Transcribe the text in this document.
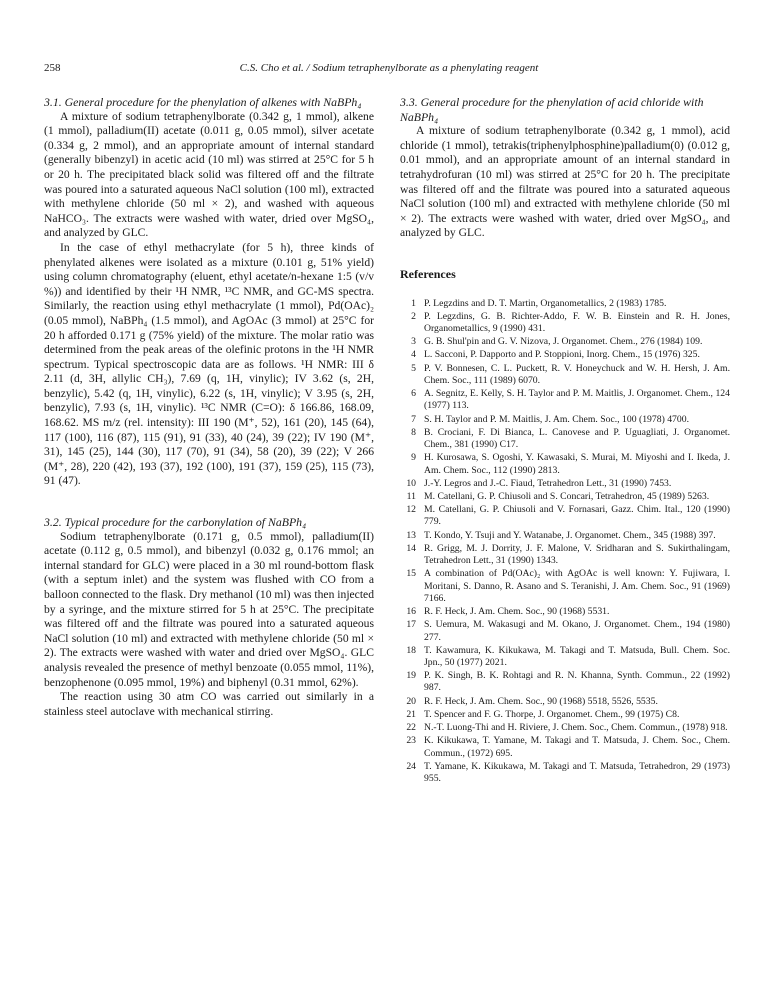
258	C.S. Cho et al. / Sodium tetraphenylborate as a phenylating reagent
3.1. General procedure for the phenylation of alkenes with NaBPh₄

A mixture of sodium tetraphenylborate (0.342 g, 1 mmol), alkene (1 mmol), palladium(II) acetate (0.011 g, 0.05 mmol), silver acetate (0.334 g, 2 mmol), and an appropriate amount of internal standard (generally bibenzyl) in acetic acid (10 ml) was stirred at 25°C for 5 h or 20 h. The precipitated black solid was filtered off and the filtrate was poured into a saturated aqueous NaCl solution (100 ml), extracted with methylene chloride (50 ml × 2), and washed with aqueous NaHCO₃. The extracts were washed with water, dried over MgSO₄, and analyzed by GLC.

In the case of ethyl methacrylate (for 5 h), three kinds of phenylated alkenes were isolated as a mixture (0.101 g, 51% yield) using column chromatography (eluent, ethyl acetate/n-hexane 1:5 (v/v %)) and identified by their ¹H NMR, ¹³C NMR, and GC-MS spectra. Similarly, the reaction using ethyl methacrylate (1 mmol), Pd(OAc)₂ (0.05 mmol), NaBPh₄ (1.5 mmol), and AgOAc (3 mmol) at 25°C for 20 h afforded 0.171 g (75% yield) of the mixture. The molar ratio was determined from the peak areas of the olefinic protons in the ¹H NMR spectrum. Typical spectroscopic data are as follows. ¹H NMR: III δ 2.11 (d, 3H, allylic CH₃), 7.69 (q, 1H, vinylic); IV 3.62 (s, 2H, benzylic), 5.42 (q, 1H, vinylic), 6.22 (s, 1H, vinylic); V 3.95 (s, 2H, benzylic), 7.93 (s, 1H, vinylic). ¹³C NMR (C=O): δ 166.86, 168.09, 168.62. MS m/z (rel. intensity): III 190 (M⁺, 52), 161 (20), 145 (64), 117 (100), 116 (87), 115 (91), 91 (33), 40 (24), 39 (22); IV 190 (M⁺, 31), 145 (25), 144 (30), 117 (70), 91 (34), 58 (20), 39 (22); V 266 (M⁺, 28), 220 (42), 193 (37), 192 (100), 191 (37), 159 (25), 115 (73), 91 (47).

3.2. Typical procedure for the carbonylation of NaBPh₄

Sodium tetraphenylborate (0.171 g, 0.5 mmol), palladium(II) acetate (0.112 g, 0.5 mmol), and bibenzyl (0.032 g, 0.176 mmol; an internal standard for GLC) were placed in a 30 ml round-bottom flask (with a septum inlet) and the system was flushed with CO from a balloon connected to the flask. Dry methanol (10 ml) was then injected by a syringe, and the mixture stirred for 5 h at 25°C. The precipitate was filtered off and the filtrate was poured into a saturated aqueous NaCl solution (10 ml) and extracted with methylene chloride (50 ml × 2). The extracts were washed with water and dried over MgSO₄. GLC analysis revealed the presence of methyl benzoate (0.055 mmol, 11%), benzophenone (0.095 mmol, 19%) and biphenyl (0.31 mmol, 62%).

The reaction using 30 atm CO was carried out similarly in a stainless steel autoclave with mechanical stirring.

3.3. General procedure for the phenylation of acid chloride with NaBPh₄

A mixture of sodium tetraphenylborate (0.342 g, 1 mmol), acid chloride (1 mmol), tetrakis(triphenylphosphine)palladium(0) (0.012 g, 0.01 mmol), and an appropriate amount of an internal standard in tetrahydrofuran (10 ml) was stirred at 25°C for 20 h. The precipitate was filtered off and the filtrate was poured into a saturated aqueous NaCl solution (100 ml) and extracted with methylene chloride (50 ml × 2). The extracts were washed with water, dried over MgSO₄, and analyzed by GLC.

References
1 P. Legzdins and D. T. Martin, Organometallics, 2 (1983) 1785.
2 P. Legzdins, G. B. Richter-Addo, F. W. B. Einstein and R. H. Jones, Organometallics, 9 (1990) 431.
3 G. B. Shul'pin and G. V. Nizova, J. Organomet. Chem., 276 (1984) 109.
4 L. Sacconi, P. Dapporto and P. Stoppioni, Inorg. Chem., 15 (1976) 325.
5 P. V. Bonnesen, C. L. Puckett, R. V. Honeychuck and W. H. Hersh, J. Am. Chem. Soc., 111 (1989) 6070.
6 A. Segnitz, E. Kelly, S. H. Taylor and P. M. Maitlis, J. Organomet. Chem., 124 (1977) 113.
7 S. H. Taylor and P. M. Maitlis, J. Am. Chem. Soc., 100 (1978) 4700.
8 B. Crociani, F. Di Bianca, L. Canovese and P. Uguagliati, J. Organomet. Chem., 381 (1990) C17.
9 H. Kurosawa, S. Ogoshi, Y. Kawasaki, S. Murai, M. Miyoshi and I. Ikeda, J. Am. Chem. Soc., 112 (1990) 2813.
10 J.-Y. Legros and J.-C. Fiaud, Tetrahedron Lett., 31 (1990) 7453.
11 M. Catellani, G. P. Chiusoli and S. Concari, Tetrahedron, 45 (1989) 5263.
12 M. Catellani, G. P. Chiusoli and V. Fornasari, Gazz. Chim. Ital., 120 (1990) 779.
13 T. Kondo, Y. Tsuji and Y. Watanabe, J. Organomet. Chem., 345 (1988) 397.
14 R. Grigg, M. J. Dorrity, J. F. Malone, V. Sridharan and S. Sukirthalingam, Tetrahedron Lett., 31 (1990) 1343.
15 A combination of Pd(OAc)₂ with AgOAc is well known: Y. Fujiwara, I. Moritani, S. Danno, R. Asano and S. Teranishi, J. Am. Chem. Soc., 91 (1969) 7166.
16 R. F. Heck, J. Am. Chem. Soc., 90 (1968) 5531.
17 S. Uemura, M. Wakasugi and M. Okano, J. Organomet. Chem., 194 (1980) 277.
18 T. Kawamura, K. Kikukawa, M. Takagi and T. Matsuda, Bull. Chem. Soc. Jpn., 50 (1977) 2021.
19 P. K. Singh, B. K. Rohtagi and R. N. Khanna, Synth. Commun., 22 (1992) 987.
20 R. F. Heck, J. Am. Chem. Soc., 90 (1968) 5518, 5526, 5535.
21 T. Spencer and F. G. Thorpe, J. Organomet. Chem., 99 (1975) C8.
22 N.-T. Luong-Thi and H. Riviere, J. Chem. Soc., Chem. Commun., (1978) 918.
23 K. Kikukawa, T. Yamane, M. Takagi and T. Matsuda, J. Chem. Soc., Chem. Commun., (1972) 695.
24 T. Yamane, K. Kikukawa, M. Takagi and T. Matsuda, Tetrahedron, 29 (1973) 955.
